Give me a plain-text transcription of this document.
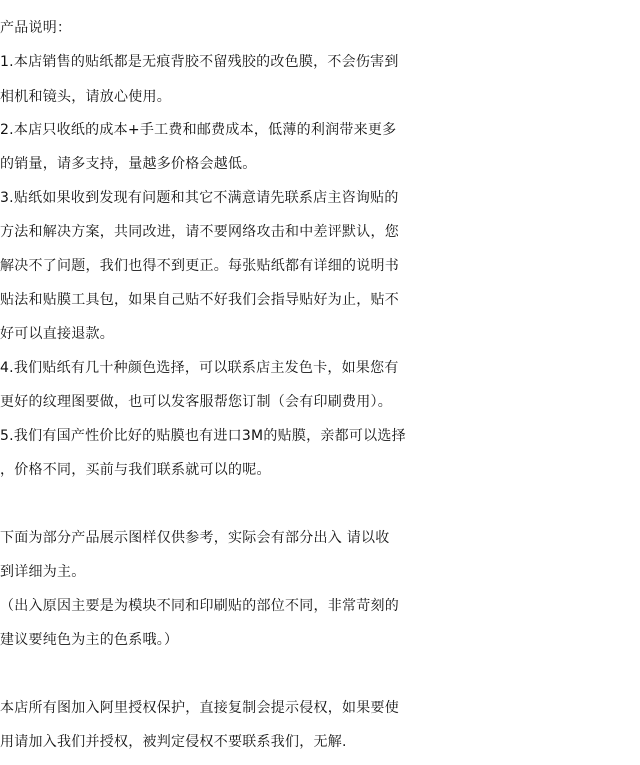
产品说明：
1.本店销售的贴纸都是无痕背胶不留残胶的改色膜，不会伤害到
相机和镜头，请放心使用。
2.本店只收纸的成本+手工费和邮费成本，低薄的利润带来更多
的销量，请多支持，量越多价格会越低。
3.贴纸如果收到发现有问题和其它不满意请先联系店主咨询贴的
方法和解决方案，共同改进，请不要网络攻击和中差评默认，您
解决不了问题，我们也得不到更正。每张贴纸都有详细的说明书
贴法和贴膜工具包，如果自己贴不好我们会指导贴好为止，贴不
好可以直接退款。
4.我们贴纸有几十种颜色选择，可以联系店主发色卡，如果您有
更好的纹理图要做，也可以发客服帮您订制（会有印刷费用）。
5.我们有国产性价比好的贴膜也有进口3M的贴膜，亲都可以选择
，价格不同，买前与我们联系就可以的呢。
下面为部分产品展示图样仅供参考，实际会有部分出入 请以收
到详细为主。
（出入原因主要是为模块不同和印刷贴的部位不同，非常苛刻的
建议要纯色为主的色系哦。）
本店所有图加入阿里授权保护，直接复制会提示侵权，如果要使
用请加入我们并授权，被判定侵权不要联系我们，无解.
